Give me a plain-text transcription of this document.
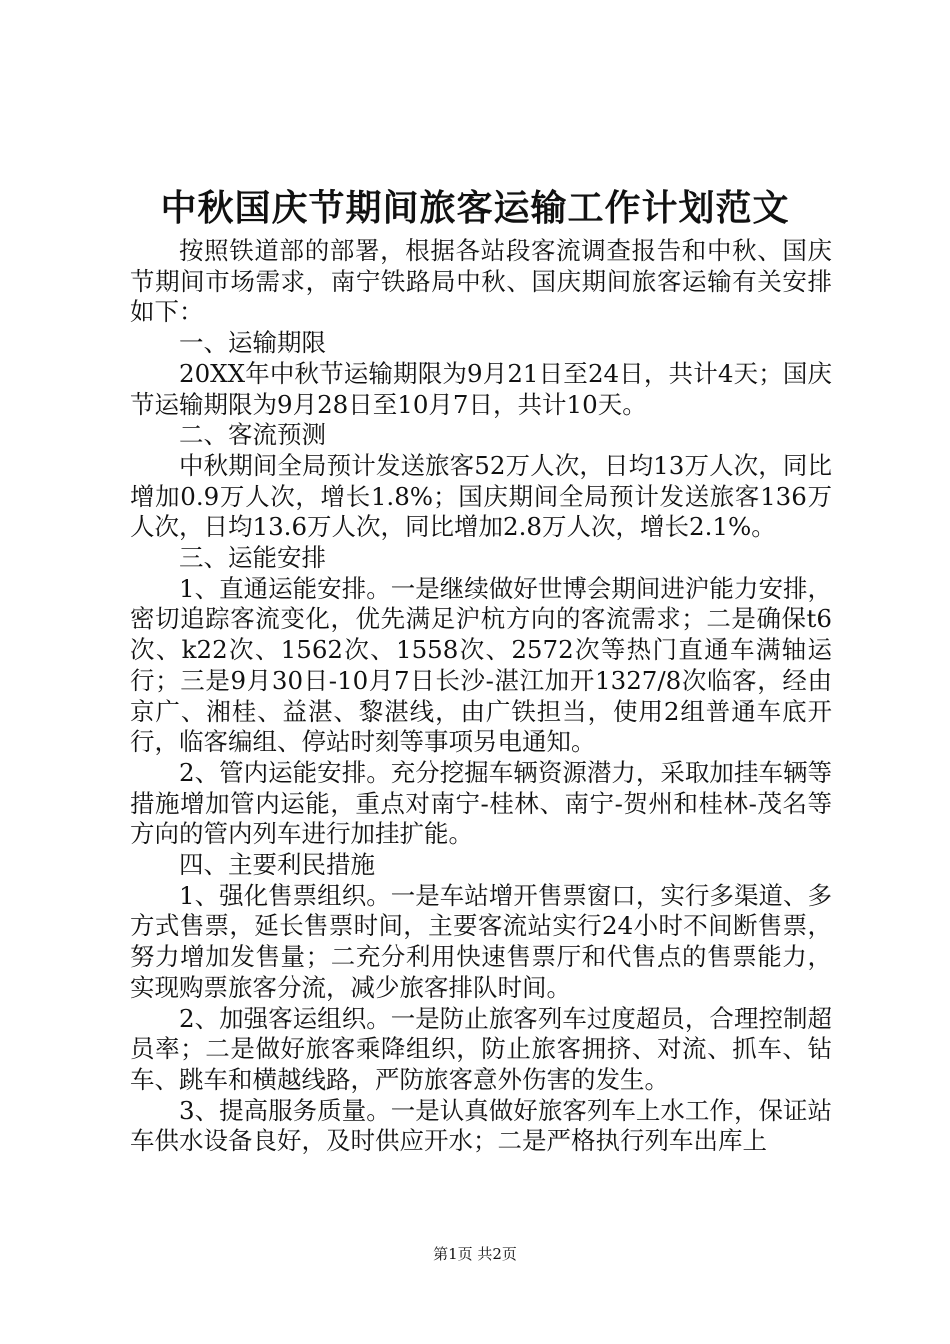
中秋国庆节期间旅客运输工作计划范文

按照铁道部的部署，根据各站段客流调查报告和中秋、国庆节期间市场需求，南宁铁路局中秋、国庆期间旅客运输有关安排如下：

一、运输期限

20XX年中秋节运输期限为9月21日至24日，共计4天；国庆节运输期限为9月28日至10月7日，共计10天。

二、客流预测

中秋期间全局预计发送旅客52万人次，日均13万人次，同比增加0.9万人次，增长1.8%；国庆期间全局预计发送旅客136万人次，日均13.6万人次，同比增加2.8万人次，增长2.1%。

三、运能安排

1、直通运能安排。一是继续做好世博会期间进沪能力安排，密切追踪客流变化，优先满足沪杭方向的客流需求；二是确保t6次、k22次、1562次、1558次、2572次等热门直通车满轴运行；三是9月30日-10月7日长沙-湛江加开1327/8次临客，经由京广、湘桂、益湛、黎湛线，由广铁担当，使用2组普通车底开行，临客编组、停站时刻等事项另电通知。

2、管内运能安排。充分挖掘车辆资源潜力，采取加挂车辆等措施增加管内运能，重点对南宁-桂林、南宁-贺州和桂林-茂名等方向的管内列车进行加挂扩能。

四、主要利民措施

1、强化售票组织。一是车站增开售票窗口，实行多渠道、多方式售票，延长售票时间，主要客流站实行24小时不间断售票，努力增加发售量；二充分利用快速售票厅和代售点的售票能力，实现购票旅客分流，减少旅客排队时间。

2、加强客运组织。一是防止旅客列车过度超员，合理控制超员率；二是做好旅客乘降组织，防止旅客拥挤、对流、抓车、钻车、跳车和横越线路，严防旅客意外伤害的发生。

3、提高服务质量。一是认真做好旅客列车上水工作，保证站车供水设备良好，及时供应开水；二是严格执行列车出库上

第1页 共2页
